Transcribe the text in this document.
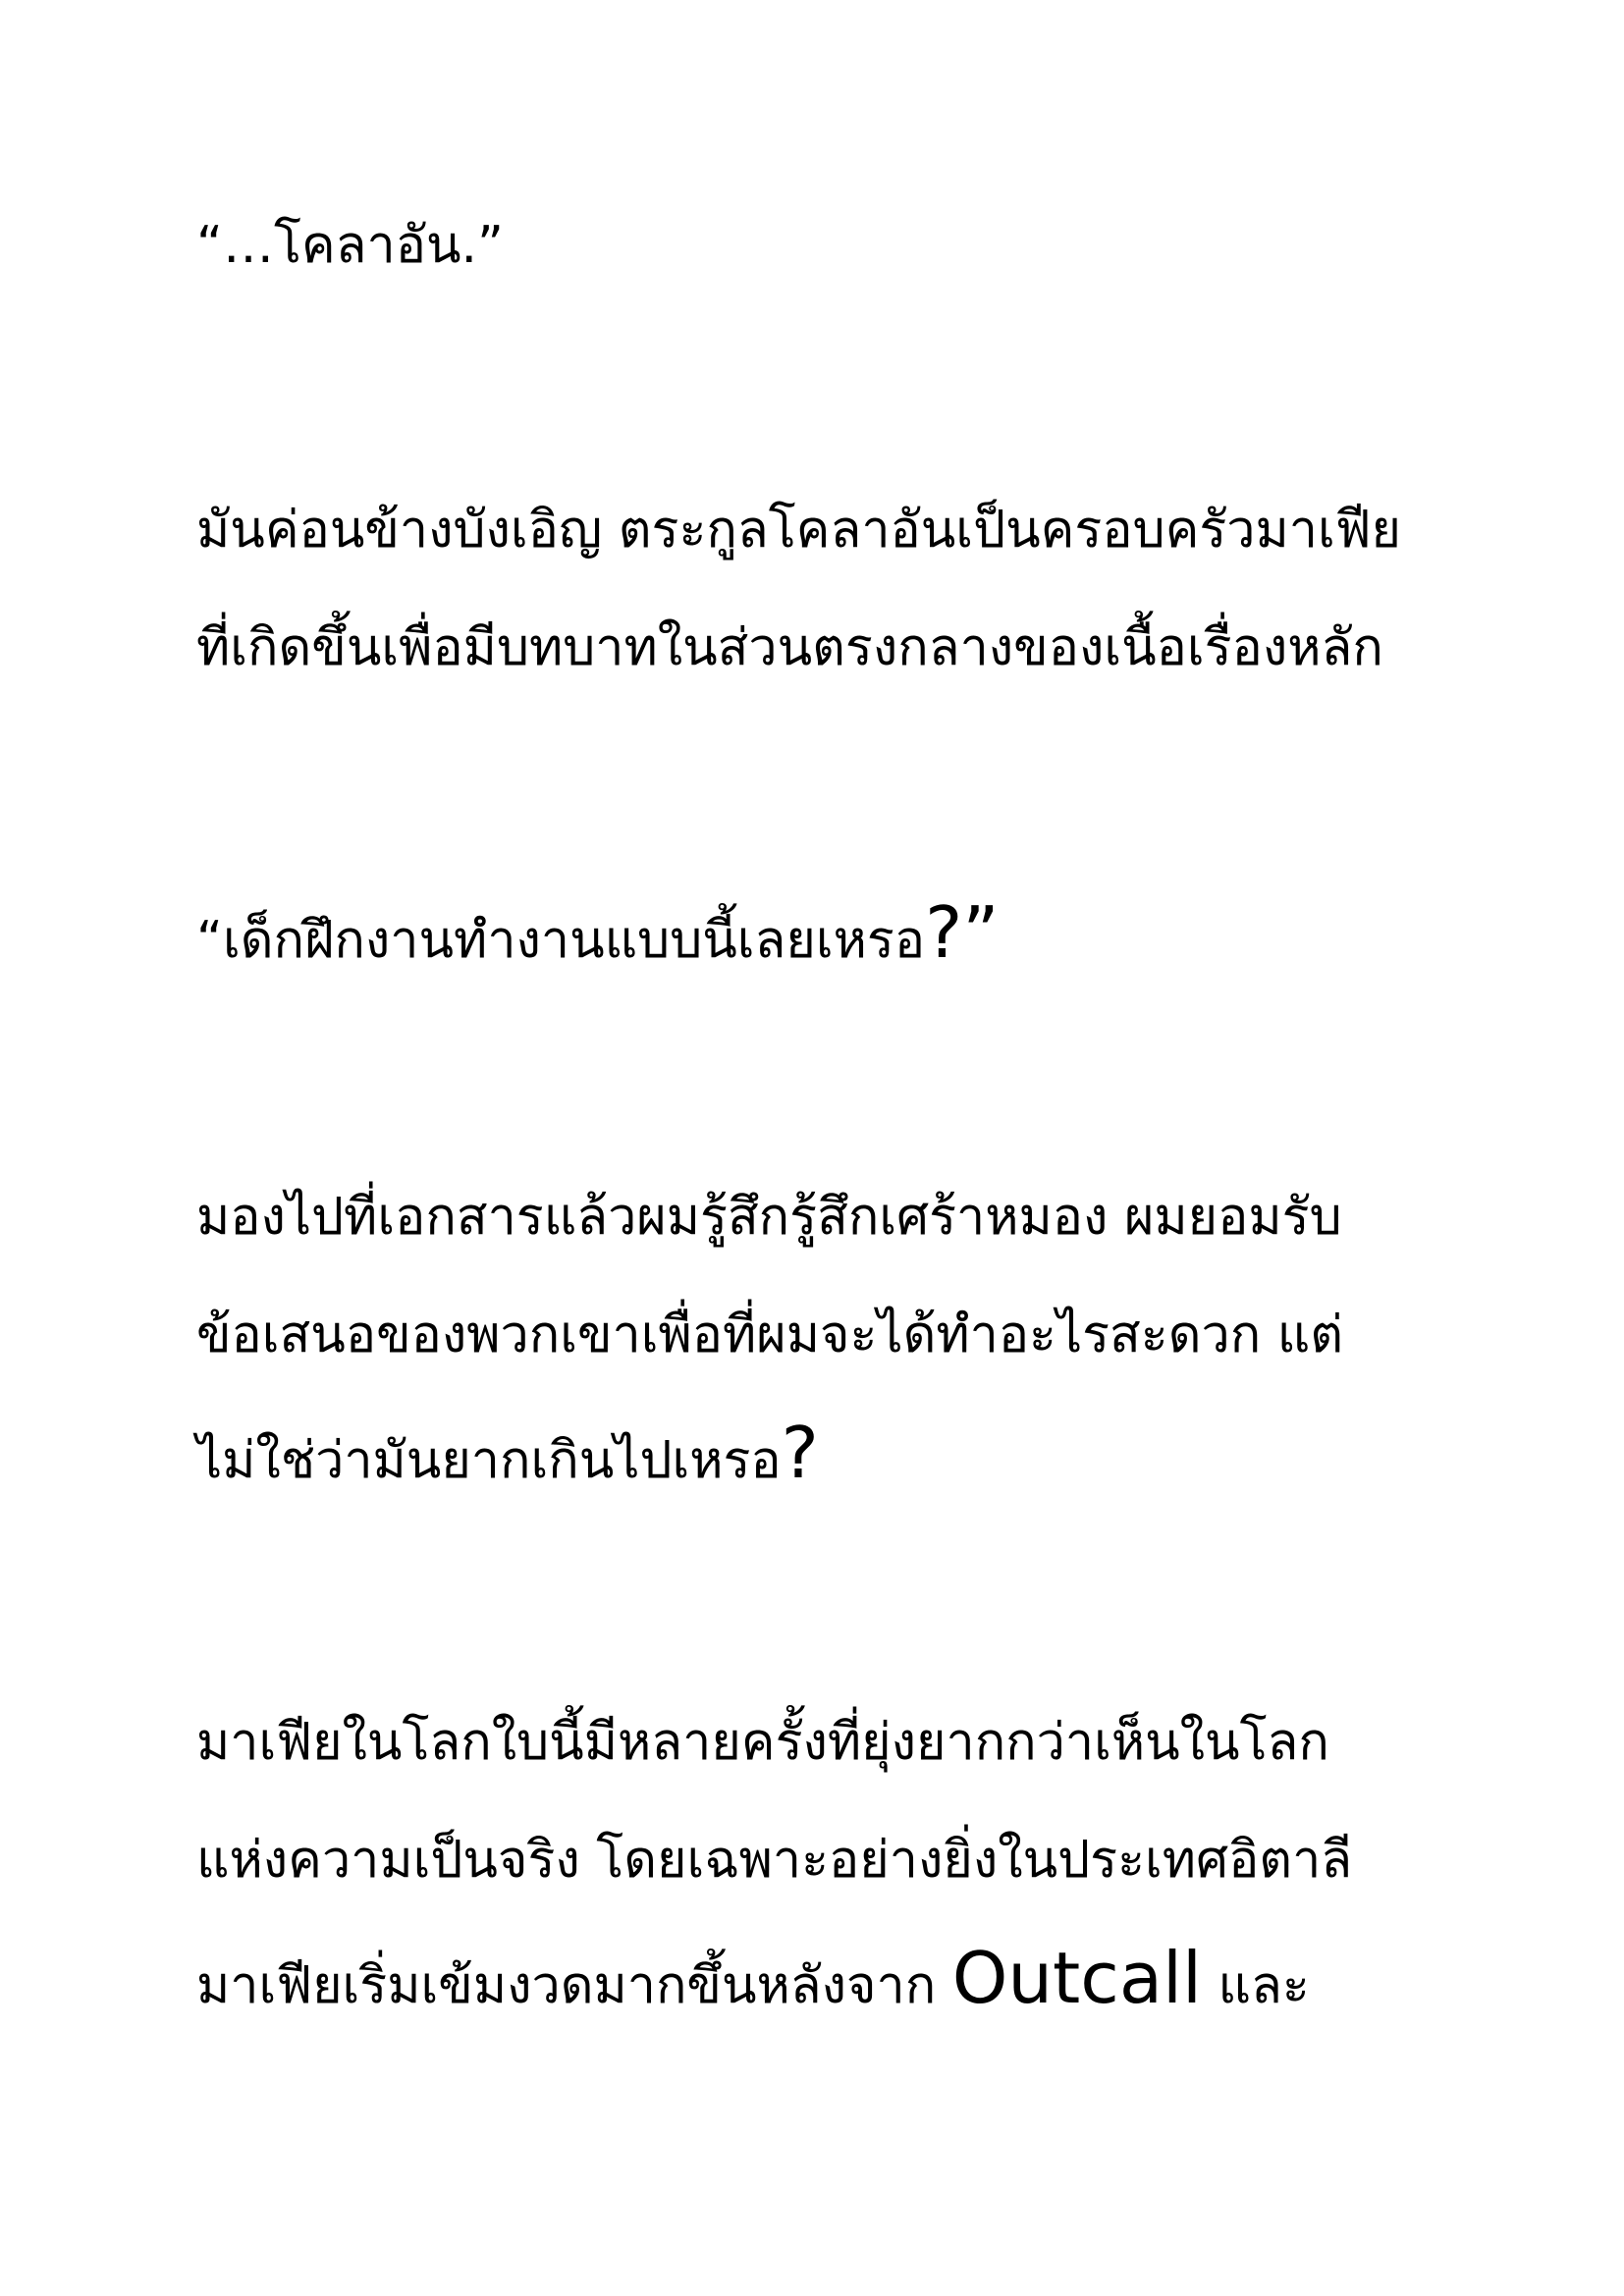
“…โคลาอัน.”
มันค่อนข้างบังเอิญ ตระกูลโคลาอันเป็นครอบครัวมาเฟีย
ที่เกิดขึ้นเพื่อมีบทบาทในส่วนตรงกลางของเนื้อเรื่องหลัก
“เด็กฝึกงานทำงานแบบนี้เลยเหรอ?”
มองไปที่เอกสารแล้วผมรู้สึกรู้สึกเศร้าหมอง ผมยอมรับ
ข้อเสนอของพวกเขาเพื่อที่ผมจะได้ทำอะไรสะดวก แต่
ไม่ใช่ว่ามันยากเกินไปเหรอ?
มาเฟียในโลกใบนี้มีหลายครั้งที่ยุ่งยากกว่าเห็นในโลก
แห่งความเป็นจริง โดยเฉพาะอย่างยิ่งในประเทศอิตาลี
มาเฟียเริ่มเข้มงวดมากขึ้นหลังจาก Outcall และ
